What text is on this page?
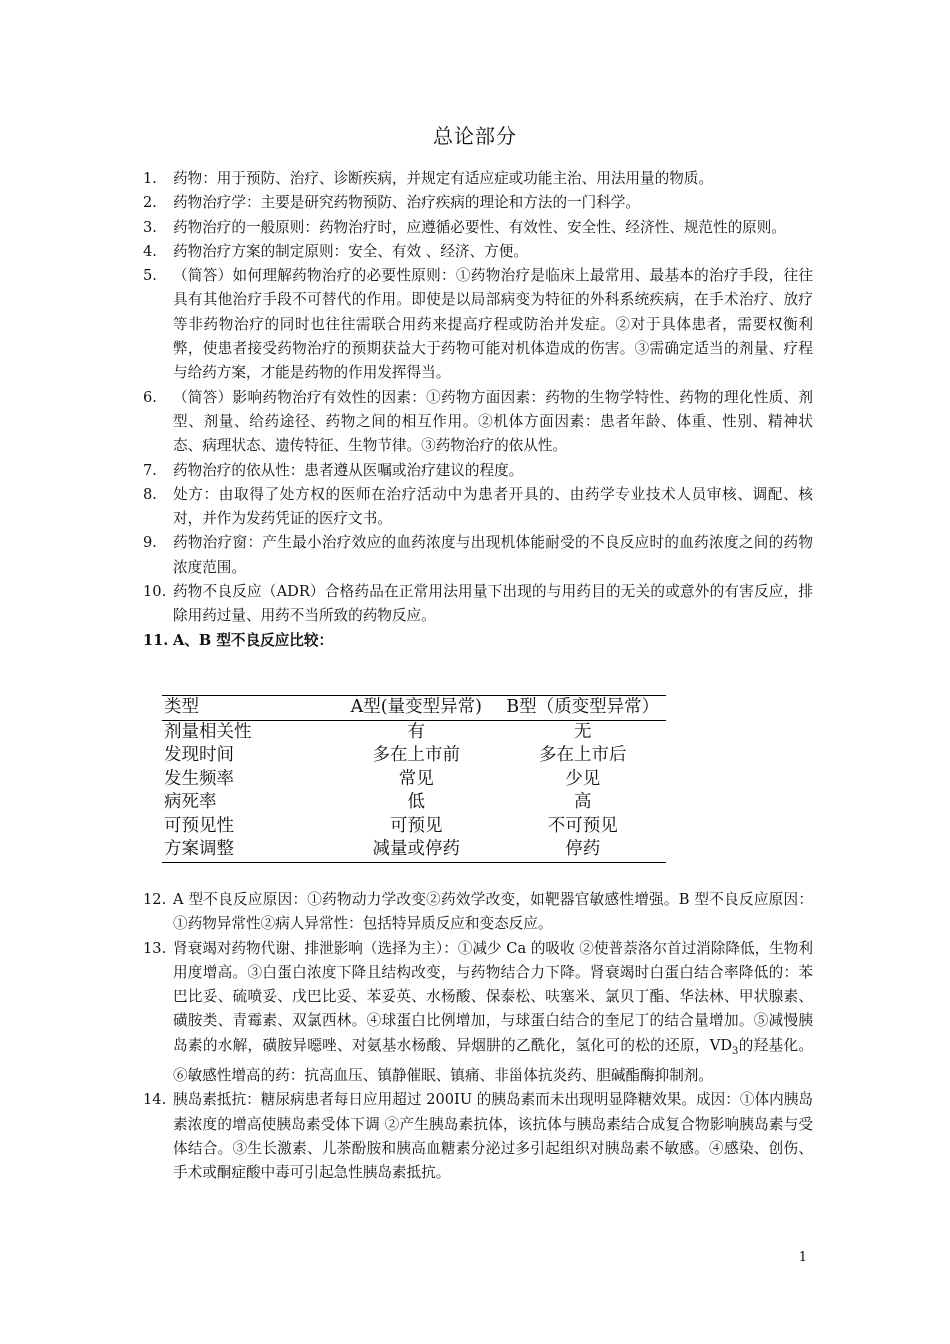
总论部分
1.	药物：用于预防、治疗、诊断疾病，并规定有适应症或功能主治、用法用量的物质。
2.	药物治疗学：主要是研究药物预防、治疗疾病的理论和方法的一门科学。
3.	药物治疗的一般原则：药物治疗时，应遵循必要性、有效性、安全性、经济性、规范性的原则。
4.	药物治疗方案的制定原则：安全、有效 、经济、方便。
5.	（简答）如何理解药物治疗的必要性原则：①药物治疗是临床上最常用、最基本的治疗手段，往往具有其他治疗手段不可替代的作用。即使是以局部病变为特征的外科系统疾病，在手术治疗、放疗等非药物治疗的同时也往往需联合用药来提高疗程或防治并发症。②对于具体患者，需要权衡利弊，使患者接受药物治疗的预期获益大于药物可能对机体造成的伤害。③需确定适当的剂量、疗程与给药方案，才能是药物的作用发挥得当。
6.	（简答）影响药物治疗有效性的因素：①药物方面因素：药物的生物学特性、药物的理化性质、剂型、剂量、给药途径、药物之间的相互作用。②机体方面因素：患者年龄、体重、性别、精神状态、病理状态、遗传特征、生物节律。③药物治疗的依从性。
7.	药物治疗的依从性：患者遵从医嘱或治疗建议的程度。
8.	处方：由取得了处方权的医师在治疗活动中为患者开具的、由药学专业技术人员审核、调配、核对，并作为发药凭证的医疗文书。
9.	药物治疗窗：产生最小治疗效应的血药浓度与出现机体能耐受的不良反应时的血药浓度之间的药物浓度范围。
10. 药物不良反应（ADR）合格药品在正常用法用量下出现的与用药目的无关的或意外的有害反应，排除用药过量、用药不当所致的药物反应。
11. A、B 型不良反应比较：
类型	A型(量变型异常)	B型（质变型异常）
剂量相关性	有	无
发现时间	多在上市前	多在上市后
发生频率	常见	少见
病死率	低	高
可预见性	可预见	不可预见
方案调整	减量或停药	停药
12. A 型不良反应原因：①药物动力学改变②药效学改变，如靶器官敏感性增强。B 型不良反应原因：①药物异常性②病人异常性：包括特异质反应和变态反应。
13. 肾衰竭对药物代谢、排泄影响（选择为主）：①减少 Ca 的吸收 ②使普萘洛尔首过消除降低，生物利用度增高。③白蛋白浓度下降且结构改变，与药物结合力下降。肾衰竭时白蛋白结合率降低的：苯巴比妥、硫喷妥、戊巴比妥、苯妥英、水杨酸、保泰松、呋塞米、氯贝丁酯、华法林、甲状腺素、磺胺类、青霉素、双氯西林。④球蛋白比例增加，与球蛋白结合的奎尼丁的结合量增加。⑤减慢胰岛素的水解，磺胺异噁唑、对氨基水杨酸、异烟肼的乙酰化，氢化可的松的还原，$VD_3$的羟基化。⑥敏感性增高的药：抗高血压、镇静催眠、镇痛、非甾体抗炎药、胆碱酯酶抑制剂。
14. 胰岛素抵抗：糖尿病患者每日应用超过 200IU 的胰岛素而未出现明显降糖效果。成因：①体内胰岛素浓度的增高使胰岛素受体下调 ②产生胰岛素抗体，该抗体与胰岛素结合成复合物影响胰岛素与受体结合。③生长激素、儿茶酚胺和胰高血糖素分泌过多引起组织对胰岛素不敏感。④感染、创伤、手术或酮症酸中毒可引起急性胰岛素抵抗。
1
